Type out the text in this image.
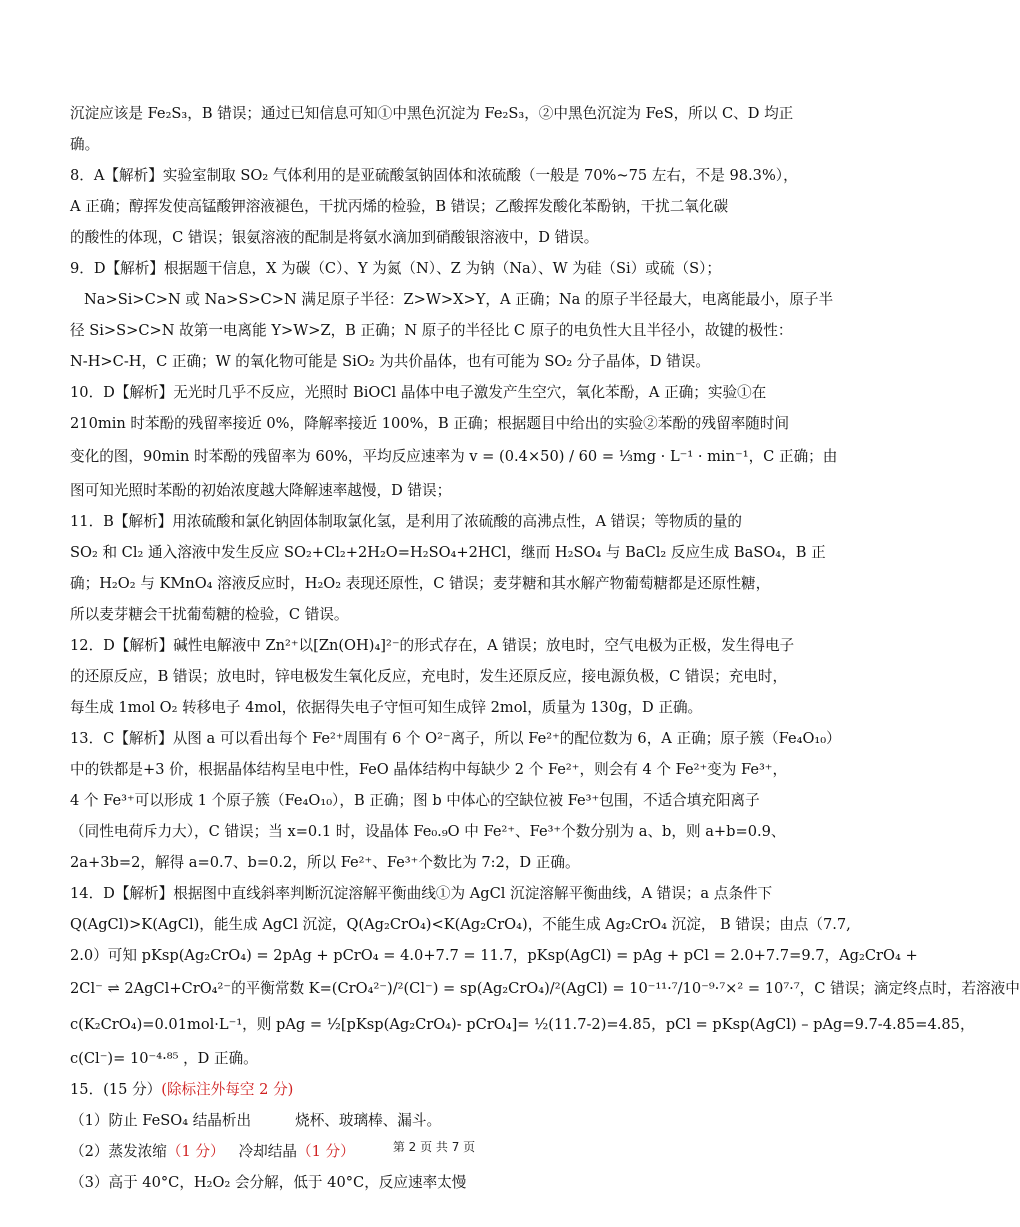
沉淀应该是 Fe₂S₃，B 错误；通过已知信息可知①中黑色沉淀为 Fe₂S₃，②中黑色沉淀为 FeS，所以 C、D 均正
确。
8．A【解析】实验室制取 SO₂ 气体利用的是亚硫酸氢钠固体和浓硫酸（一般是 70%~75 左右，不是 98.3%），
A 正确；醇挥发使高锰酸钾溶液褪色，干扰丙烯的检验，B 错误；乙酸挥发酸化苯酚钠，干扰二氧化碳
的酸性的体现，C 错误；银氨溶液的配制是将氨水滴加到硝酸银溶液中，D 错误。
9．D【解析】根据题干信息，X 为碳（C）、Y 为氮（N）、Z 为钠（Na）、W 为硅（Si）或硫（S）；
Na>Si>C>N 或 Na>S>C>N 满足原子半径：Z>W>X>Y，A 正确；Na 的原子半径最大，电离能最小，原子半
径 Si>S>C>N 故第一电离能 Y>W>Z，B 正确；N 原子的半径比 C 原子的电负性大且半径小，故键的极性：
N-H>C-H，C 正确；W 的氧化物可能是 SiO₂ 为共价晶体，也有可能为 SO₂ 分子晶体，D 错误。
10．D【解析】无光时几乎不反应，光照时 BiOCl 晶体中电子激发产生空穴，氧化苯酚，A 正确；实验①在
210min 时苯酚的残留率接近 0%，降解率接近 100%，B 正确；根据题目中给出的实验②苯酚的残留率随时间
变化的图，90min 时苯酚的残留率为 60%，平均反应速率为 v = (0.4×50) / 60 = ⅓mg · L⁻¹ · min⁻¹，C 正确；由
图可知光照时苯酚的初始浓度越大降解速率越慢，D 错误；
11．B【解析】用浓硫酸和氯化钠固体制取氯化氢，是利用了浓硫酸的高沸点性，A 错误；等物质的量的
SO₂ 和 Cl₂ 通入溶液中发生反应 SO₂+Cl₂+2H₂O=H₂SO₄+2HCl，继而 H₂SO₄ 与 BaCl₂ 反应生成 BaSO₄，B 正
确；H₂O₂ 与 KMnO₄ 溶液反应时，H₂O₂ 表现还原性，C 错误；麦芽糖和其水解产物葡萄糖都是还原性糖，
所以麦芽糖会干扰葡萄糖的检验，C 错误。
12．D【解析】碱性电解液中 Zn²⁺以[Zn(OH)₄]²⁻的形式存在，A 错误；放电时，空气电极为正极，发生得电子
的还原反应，B 错误；放电时，锌电极发生氧化反应，充电时，发生还原反应，接电源负极，C 错误；充电时，
每生成 1mol O₂ 转移电子 4mol，依据得失电子守恒可知生成锌 2mol，质量为 130g，D 正确。
13．C【解析】从图 a 可以看出每个 Fe²⁺周围有 6 个 O²⁻离子，所以 Fe²⁺的配位数为 6，A 正确；原子簇（Fe₄O₁₀）
中的铁都是+3 价，根据晶体结构呈电中性，FeO 晶体结构中每缺少 2 个 Fe²⁺，则会有 4 个 Fe²⁺变为 Fe³⁺，
4 个 Fe³⁺可以形成 1 个原子簇（Fe₄O₁₀），B 正确；图 b 中体心的空缺位被 Fe³⁺包围，不适合填充阳离子
（同性电荷斥力大），C 错误；当 x=0.1 时，设晶体 Fe₀.₉O 中 Fe²⁺、Fe³⁺个数分别为 a、b，则 a+b=0.9、
2a+3b=2，解得 a=0.7、b=0.2，所以 Fe²⁺、Fe³⁺个数比为 7:2，D 正确。
14．D【解析】根据图中直线斜率判断沉淀溶解平衡曲线①为 AgCl 沉淀溶解平衡曲线，A 错误；a 点条件下
Q(AgCl)>K(AgCl)，能生成 AgCl 沉淀，Q(Ag₂CrO₄)<K(Ag₂CrO₄)，不能生成 Ag₂CrO₄ 沉淀， B 错误；由点（7.7,
2.0）可知 pKsp(Ag₂CrO₄) = 2pAg + pCrO₄ = 4.0+7.7 = 11.7，pKsp(AgCl) = pAg + pCl = 2.0+7.7=9.7，Ag₂CrO₄ +
2Cl⁻ ⇌ 2AgCl+CrO₄²⁻的平衡常数 K=(CrO₄²⁻)/²(Cl⁻) = sp(Ag₂CrO₄)/²(AgCl) = 10⁻¹¹·⁷/10⁻⁹·⁷×² = 10⁷·⁷，C 错误；滴定终点时，若溶液中
c(K₂CrO₄)=0.01mol·L⁻¹，则 pAg = ½[pKsp(Ag₂CrO₄)- pCrO₄]= ½(11.7-2)=4.85，pCl = pKsp(AgCl) – pAg=9.7-4.85=4.85，
c(Cl⁻)= 10⁻⁴·⁸⁵ ，D 正确。
15．(15 分）(除标注外每空 2 分)
（1）防止 FeSO₄ 结晶析出	烧杯、玻璃棒、漏斗。
（2）蒸发浓缩（1 分） 冷却结晶（1 分）
（3）高于 40°C，H₂O₂ 会分解，低于 40°C，反应速率太慢
第 2 页 共 7 页
